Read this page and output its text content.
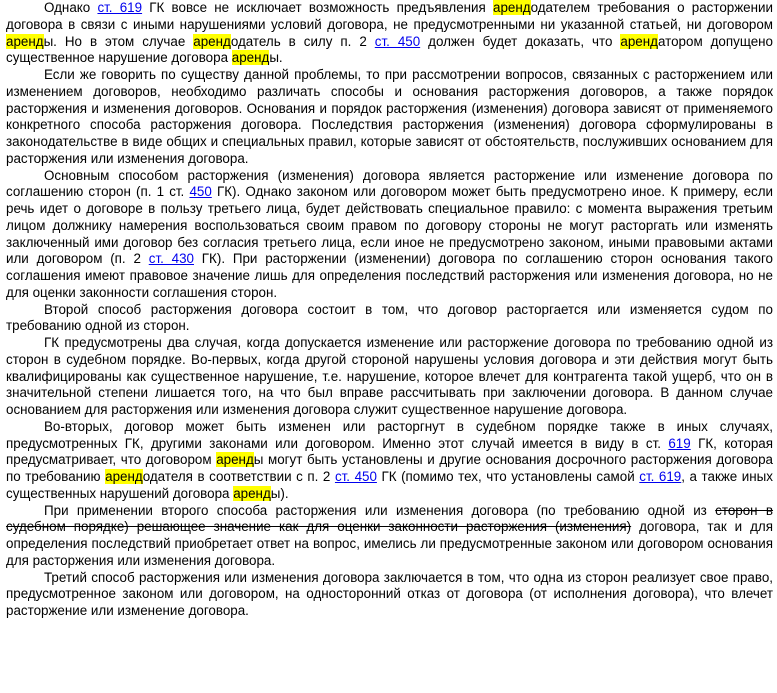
Однако ст. 619 ГК вовсе не исключает возможность предъявления арендодателем требования о расторжении договора в связи с иными нарушениями условий договора, не предусмотренными ни указанной статьей, ни договором аренды. Но в этом случае арендодатель в силу п. 2 ст. 450 должен будет доказать, что арендатором допущено существенное нарушение договора аренды.

Если же говорить по существу данной проблемы, то при рассмотрении вопросов, связанных с расторжением или изменением договоров, необходимо различать способы и основания расторжения договоров, а также порядок расторжения и изменения договоров. Основания и порядок расторжения (изменения) договора зависят от применяемого конкретного способа расторжения договора. Последствия расторжения (изменения) договора сформулированы в законодательстве в виде общих и специальных правил, которые зависят от обстоятельств, послуживших основанием для расторжения или изменения договора.

Основным способом расторжения (изменения) договора является расторжение или изменение договора по соглашению сторон (п. 1 ст. 450 ГК). Однако законом или договором может быть предусмотрено иное. К примеру, если речь идет о договоре в пользу третьего лица, будет действовать специальное правило: с момента выражения третьим лицом должнику намерения воспользоваться своим правом по договору стороны не могут расторгать или изменять заключенный ими договор без согласия третьего лица, если иное не предусмотрено законом, иными правовыми актами или договором (п. 2 ст. 430 ГК). При расторжении (изменении) договора по соглашению сторон основания такого соглашения имеют правовое значение лишь для определения последствий расторжения или изменения договора, но не для оценки законности соглашения сторон.

Второй способ расторжения договора состоит в том, что договор расторгается или изменяется судом по требованию одной из сторон.

ГК предусмотрены два случая, когда допускается изменение или расторжение договора по требованию одной из сторон в судебном порядке. Во-первых, когда другой стороной нарушены условия договора и эти действия могут быть квалифицированы как существенное нарушение, т.е. нарушение, которое влечет для контрагента такой ущерб, что он в значительной степени лишается того, на что был вправе рассчитывать при заключении договора. В данном случае основанием для расторжения или изменения договора служит существенное нарушение договора.

Во-вторых, договор может быть изменен или расторгнут в судебном порядке также в иных случаях, предусмотренных ГК, другими законами или договором. Именно этот случай имеется в виду в ст. 619 ГК, которая предусматривает, что договором аренды могут быть установлены и другие основания досрочного расторжения договора по требованию арендодателя в соответствии с п. 2 ст. 450 ГК (помимо тех, что установлены самой ст. 619, а также иных существенных нарушений договора аренды).

При применении второго способа расторжения или изменения договора (по требованию одной из сторон в судебном порядке) решающее значение как для оценки законности расторжения (изменения) договора, так и для определения последствий приобретает ответ на вопрос, имелись ли предусмотренные законом или договором основания для расторжения или изменения договора.

Третий способ расторжения или изменения договора заключается в том, что одна из сторон реализует свое право, предусмотренное законом или договором, на односторонний отказ от договора (от исполнения договора), что влечет расторжение или изменение договора.
